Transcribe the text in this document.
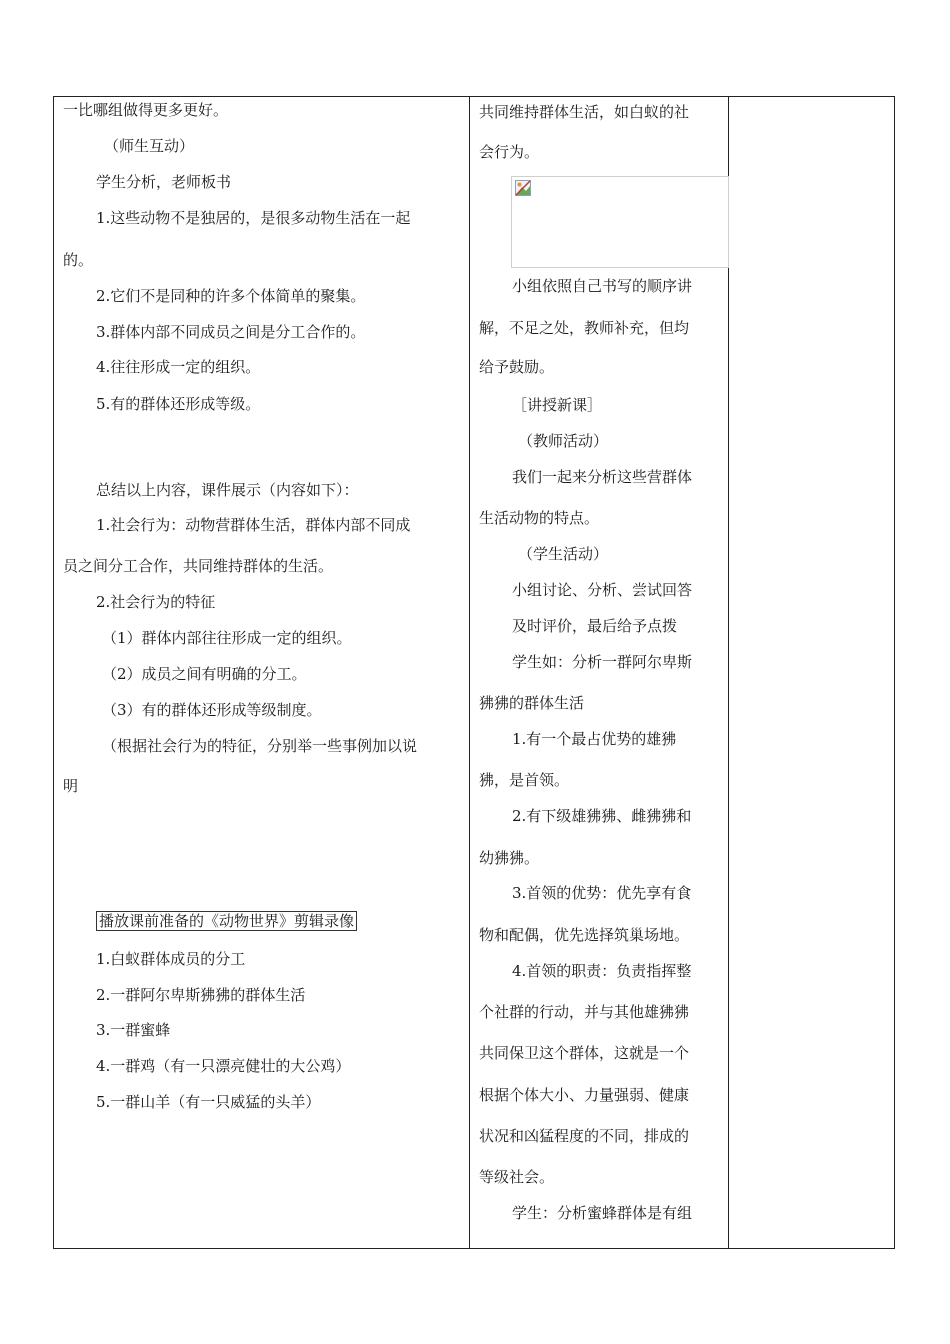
一比哪组做得更多更好。
（师生互动）
学生分析，老师板书
1.这些动物不是独居的，是很多动物生活在一起
的。
2.它们不是同种的许多个体简单的聚集。
3.群体内部不同成员之间是分工合作的。
4.往往形成一定的组织。
5.有的群体还形成等级。
总结以上内容，课件展示（内容如下）：
1.社会行为：动物营群体生活，群体内部不同成
员之间分工合作，共同维持群体的生活。
2.社会行为的特征
（1）群体内部往往形成一定的组织。
（2）成员之间有明确的分工。
（3）有的群体还形成等级制度。
（根据社会行为的特征，分别举一些事例加以说
明
播放课前准备的《动物世界》剪辑录像
1.白蚁群体成员的分工
2.一群阿尔卑斯狒狒的群体生活
3.一群蜜蜂
4.一群鸡（有一只漂亮健壮的大公鸡）
5.一群山羊（有一只威猛的头羊）
共同维持群体生活，如白蚁的社
会行为。
小组依照自己书写的顺序讲
解，不足之处，教师补充，但均
给予鼓励。
［讲授新课］
（教师活动）
我们一起来分析这些营群体
生活动物的特点。
（学生活动）
小组讨论、分析、尝试回答
及时评价，最后给予点拨
学生如：分析一群阿尔卑斯
狒狒的群体生活
1.有一个最占优势的雄狒
狒，是首领。
2.有下级雄狒狒、雌狒狒和
幼狒狒。
3.首领的优势：优先享有食
物和配偶，优先选择筑巢场地。
4.首领的职责：负责指挥整
个社群的行动，并与其他雄狒狒
共同保卫这个群体，这就是一个
根据个体大小、力量强弱、健康
状况和凶猛程度的不同，排成的
等级社会。
学生：分析蜜蜂群体是有组
